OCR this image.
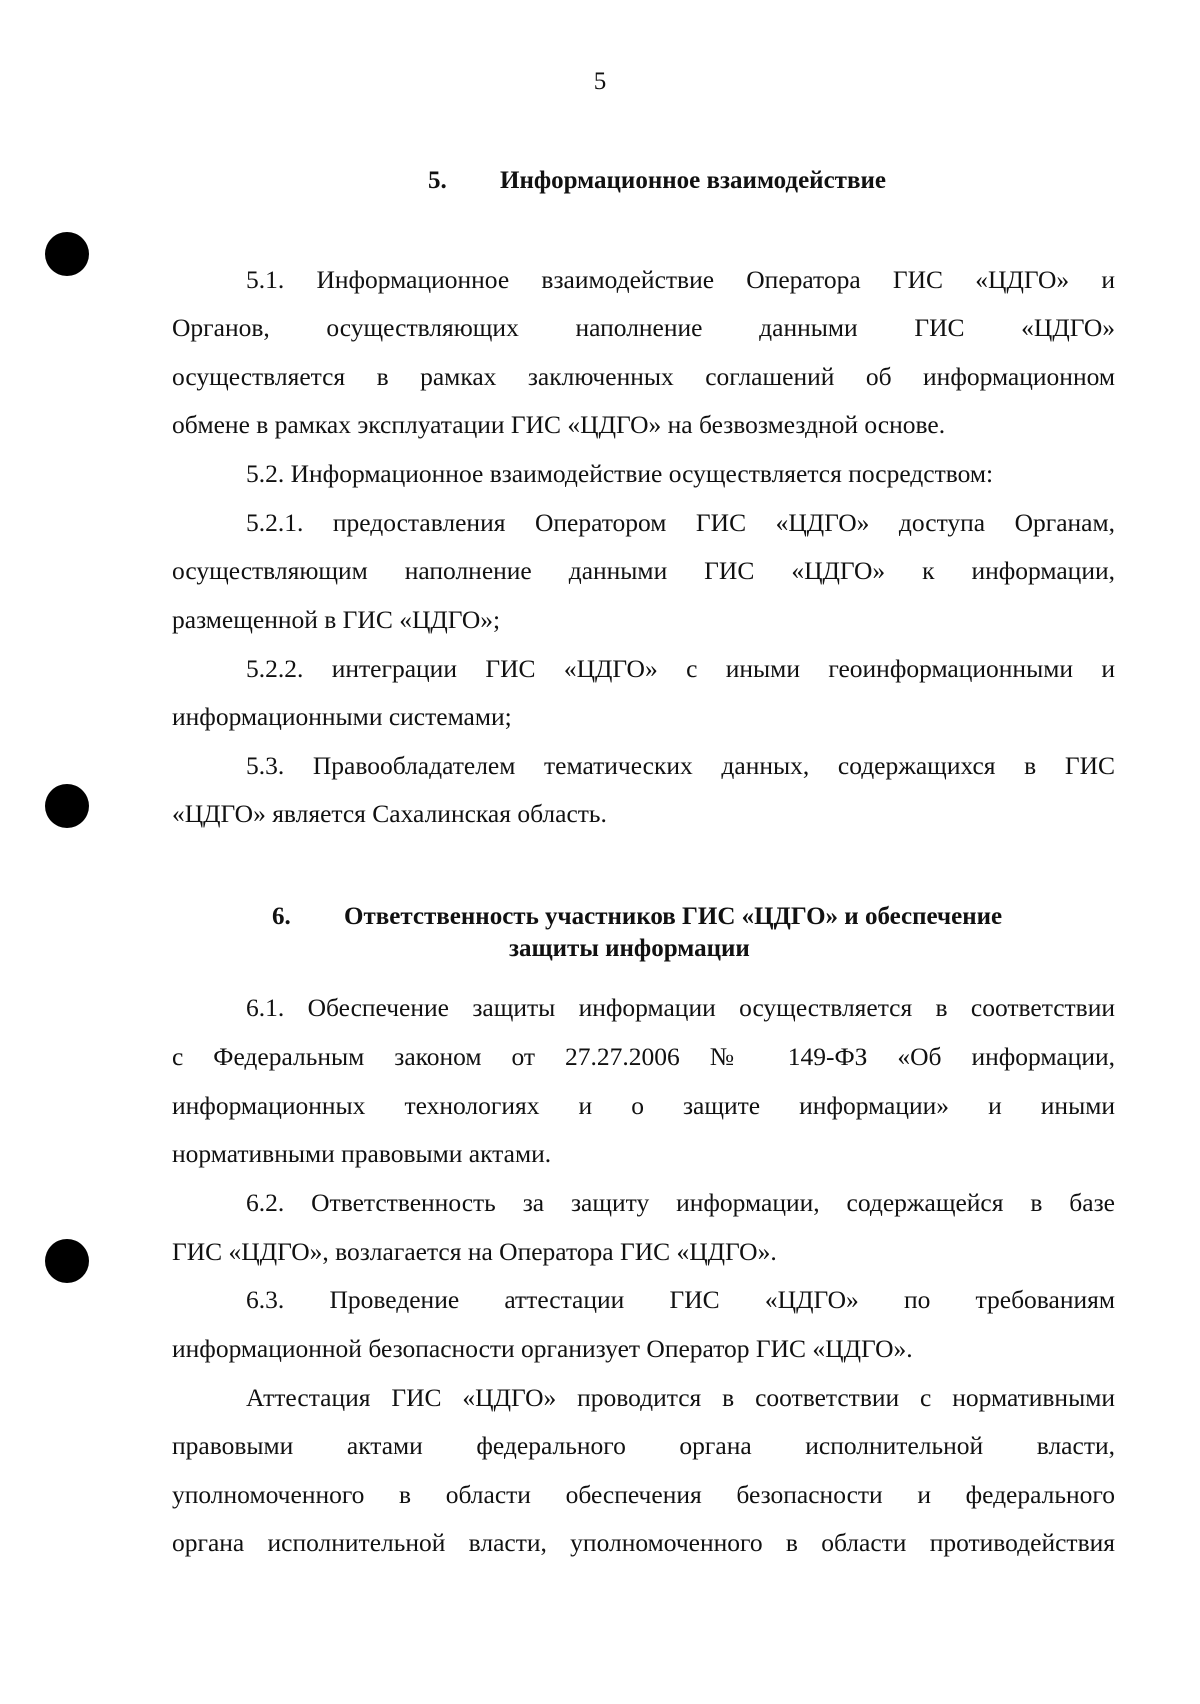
5
5. Информационное взаимодействие
5.1. Информационное взаимодействие Оператора ГИС «ЦДГО» и
Органов, осуществляющих наполнение данными ГИС «ЦДГО»
осуществляется в рамках заключенных соглашений об информационном
обмене в рамках эксплуатации ГИС «ЦДГО» на безвозмездной основе.
5.2. Информационное взаимодействие осуществляется посредством:
5.2.1. предоставления Оператором ГИС «ЦДГО» доступа Органам,
осуществляющим наполнение данными ГИС «ЦДГО» к информации,
размещенной в ГИС «ЦДГО»;
5.2.2. интеграции ГИС «ЦДГО» с иными геоинформационными и
информационными системами;
5.3. Правообладателем тематических данных, содержащихся в ГИС
«ЦДГО» является Сахалинская область.
6. Ответственность участников ГИС «ЦДГО» и обеспечение
защиты информации
6.1. Обеспечение защиты информации осуществляется в соответствии
с Федеральным законом от 27.27.2006 № 149-ФЗ «Об информации,
информационных технологиях и о защите информации» и иными
нормативными правовыми актами.
6.2. Ответственность за защиту информации, содержащейся в базе
ГИС «ЦДГО», возлагается на Оператора ГИС «ЦДГО».
6.3. Проведение аттестации ГИС «ЦДГО» по требованиям
информационной безопасности организует Оператор ГИС «ЦДГО».
Аттестация ГИС «ЦДГО» проводится в соответствии с нормативными
правовыми актами федерального органа исполнительной власти,
уполномоченного в области обеспечения безопасности и федерального
органа исполнительной власти, уполномоченного в области противодействия
